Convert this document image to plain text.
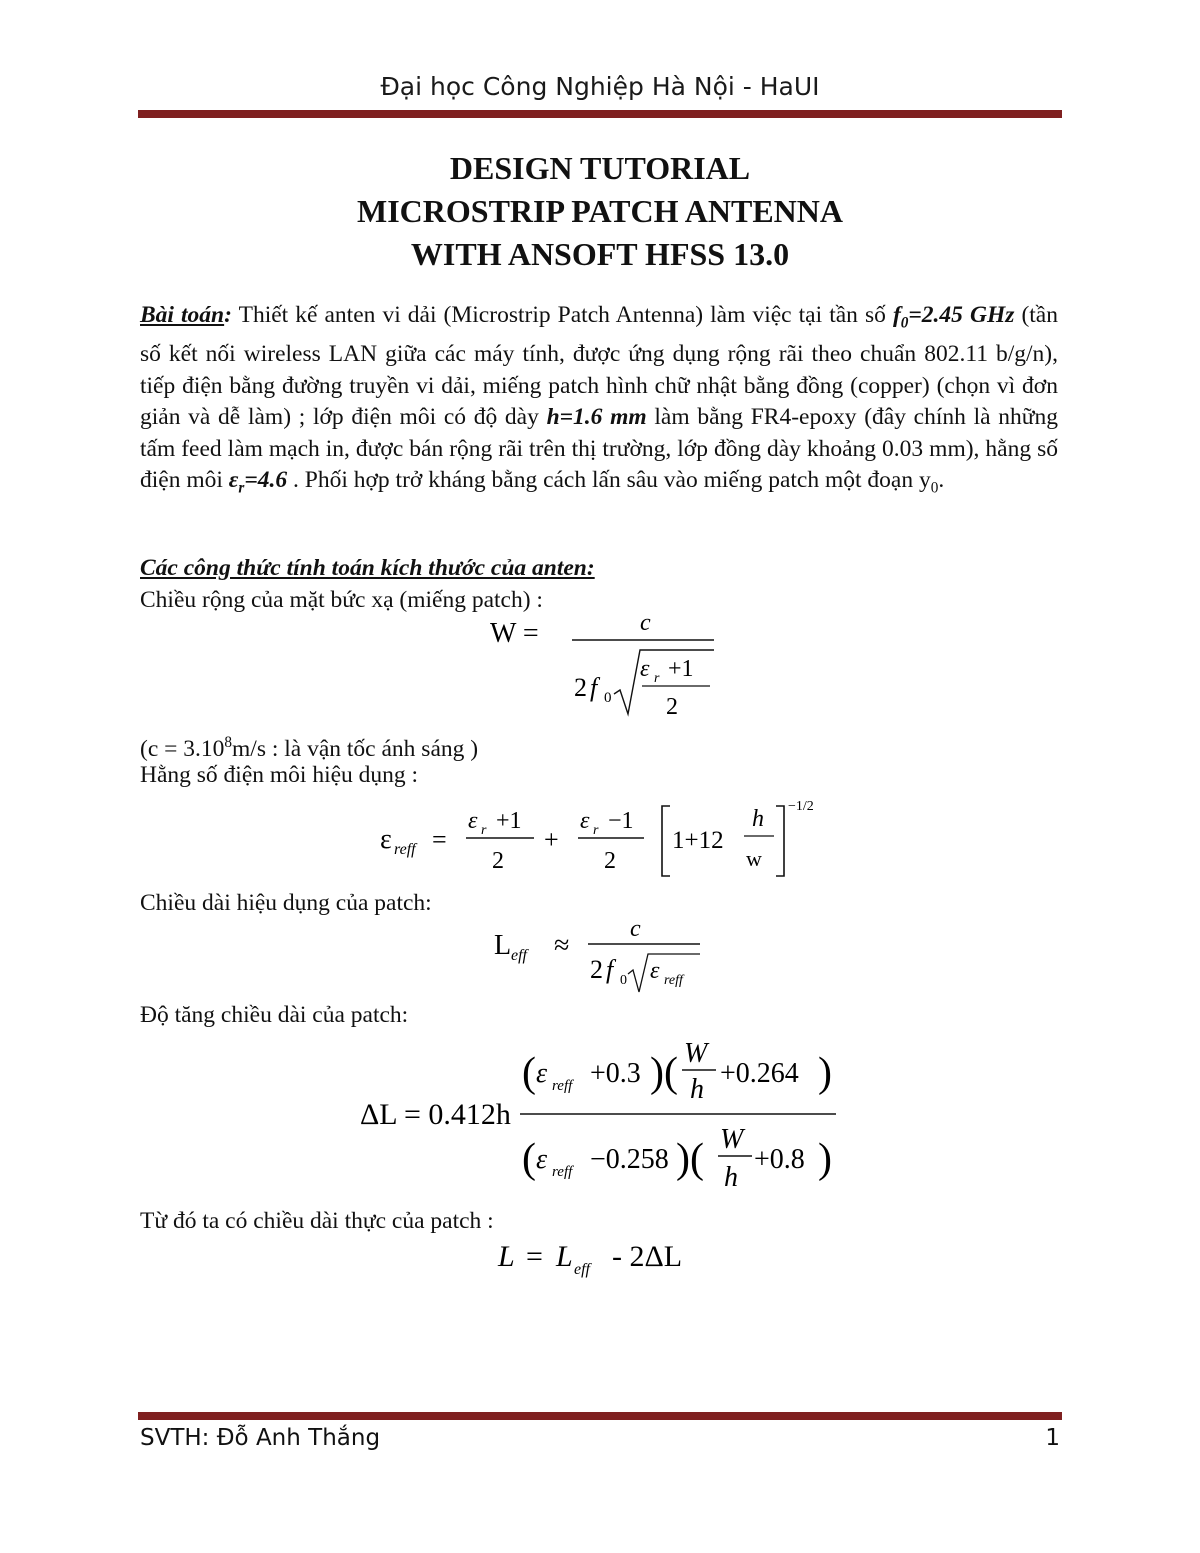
Đại học Công Nghiệp Hà Nội - HaUI
DESIGN TUTORIAL
MICROSTRIP PATCH ANTENNA
WITH ANSOFT HFSS 13.0
Bài toán: Thiết kế anten vi dải (Microstrip Patch Antenna) làm việc tại tần số $f_0=2.45$ GHz (tần số kết nối wireless LAN giữa các máy tính, được ứng dụng rộng rãi theo chuẩn 802.11 b/g/n), tiếp điện bằng đường truyền vi dải, miếng patch hình chữ nhật bằng đồng (copper) (chọn vì đơn giản và dễ làm) ; lớp điện môi có độ dày h=1.6 mm làm bằng FR4-epoxy (đây chính là những tấm feed làm mạch in, được bán rộng rãi trên thị trường, lớp đồng dày khoảng 0.03 mm), hằng số điện môi $\varepsilon_r=4.6$ . Phối hợp trở kháng bằng cách lấn sâu vào miếng patch một đoạn $y_0$.
Các công thức tính toán kích thước của anten:
Chiều rộng của mặt bức xạ (miếng patch) :
W =	c
2 f 0
ε r +1
2
($c = 3.10^8m/s$ : là vận tốc ánh sáng )
Hằng số điện môi hiệu dụng :
ε reff =
ε r +1
2
+
ε r −1
2
1+12
h
w
−1/2
Chiều dài hiệu dụng của patch:
L eff ≈
c
2 f 0 ε reff
Độ tăng chiều dài của patch:
ΔL = 0.412h
( ε reff +0.3 ) ( W
h
+0.264 )
( ε reff −0.258 ) ( W
h
+0.8 )
Từ đó ta có chiều dài thực của patch :
L = L eff - 2ΔL
SVTH: Đỗ Anh Thắng	1
